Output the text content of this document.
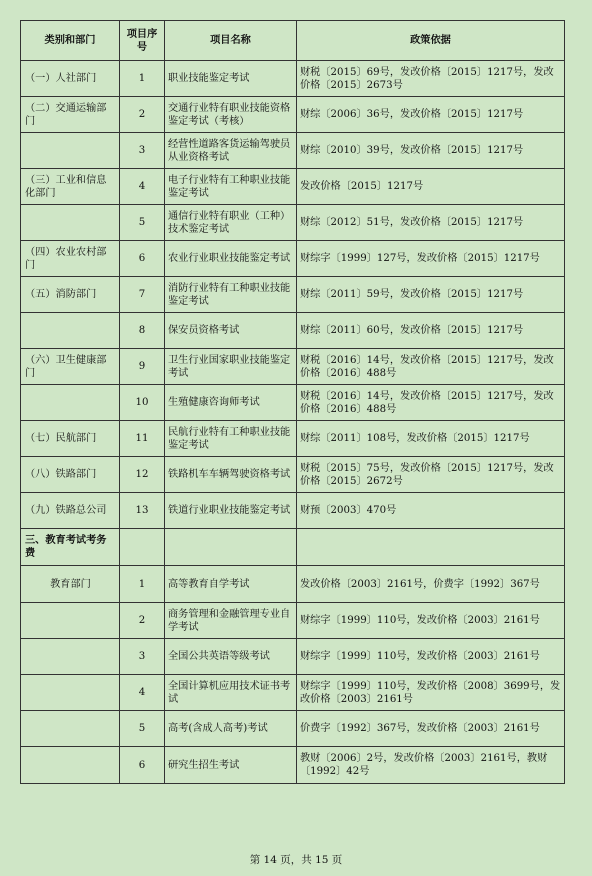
类别和部门	项目序号	项目名称	政策依据
（一）人社部门	1	职业技能鉴定考试	财税〔2015〕69号，发改价格〔2015〕1217号，发改价格〔2015〕2673号
（二）交通运输部门	2	交通行业特有职业技能资格鉴定考试（考核）	财综〔2006〕36号，发改价格〔2015〕1217号
	3	经营性道路客货运输驾驶员从业资格考试	财综〔2010〕39号，发改价格〔2015〕1217号
（三）工业和信息化部门	4	电子行业特有工种职业技能鉴定考试	发改价格〔2015〕1217号
	5	通信行业特有职业（工种）技术鉴定考试	财综〔2012〕51号，发改价格〔2015〕1217号
（四）农业农村部门	6	农业行业职业技能鉴定考试	财综字〔1999〕127号，发改价格〔2015〕1217号
（五）消防部门	7	消防行业特有工种职业技能鉴定考试	财综〔2011〕59号，发改价格〔2015〕1217号
	8	保安员资格考试	财综〔2011〕60号，发改价格〔2015〕1217号
（六）卫生健康部门	9	卫生行业国家职业技能鉴定考试	财税〔2016〕14号，发改价格〔2015〕1217号，发改价格〔2016〕488号
	10	生殖健康咨询师考试	财税〔2016〕14号，发改价格〔2015〕1217号，发改价格〔2016〕488号
（七）民航部门	11	民航行业特有工种职业技能鉴定考试	财综〔2011〕108号，发改价格〔2015〕1217号
（八）铁路部门	12	铁路机车车辆驾驶资格考试	财税〔2015〕75号，发改价格〔2015〕1217号，发改价格〔2015〕2672号
（九）铁路总公司	13	铁道行业职业技能鉴定考试	财预〔2003〕470号
三、教育考试考务费			
教育部门	1	高等教育自学考试	发改价格〔2003〕2161号，价费字〔1992〕367号
	2	商务管理和金融管理专业自学考试	财综字〔1999〕110号，发改价格〔2003〕2161号
	3	全国公共英语等级考试	财综字〔1999〕110号，发改价格〔2003〕2161号
	4	全国计算机应用技术证书考试	财综字〔1999〕110号，发改价格〔2008〕3699号，发改价格〔2003〕2161号
	5	高考(含成人高考)考试	价费字〔1992〕367号，发改价格〔2003〕2161号
	6	研究生招生考试	教财〔2006〕2号，发改价格〔2003〕2161号，教财〔1992〕42号
第 14 页，共 15 页
